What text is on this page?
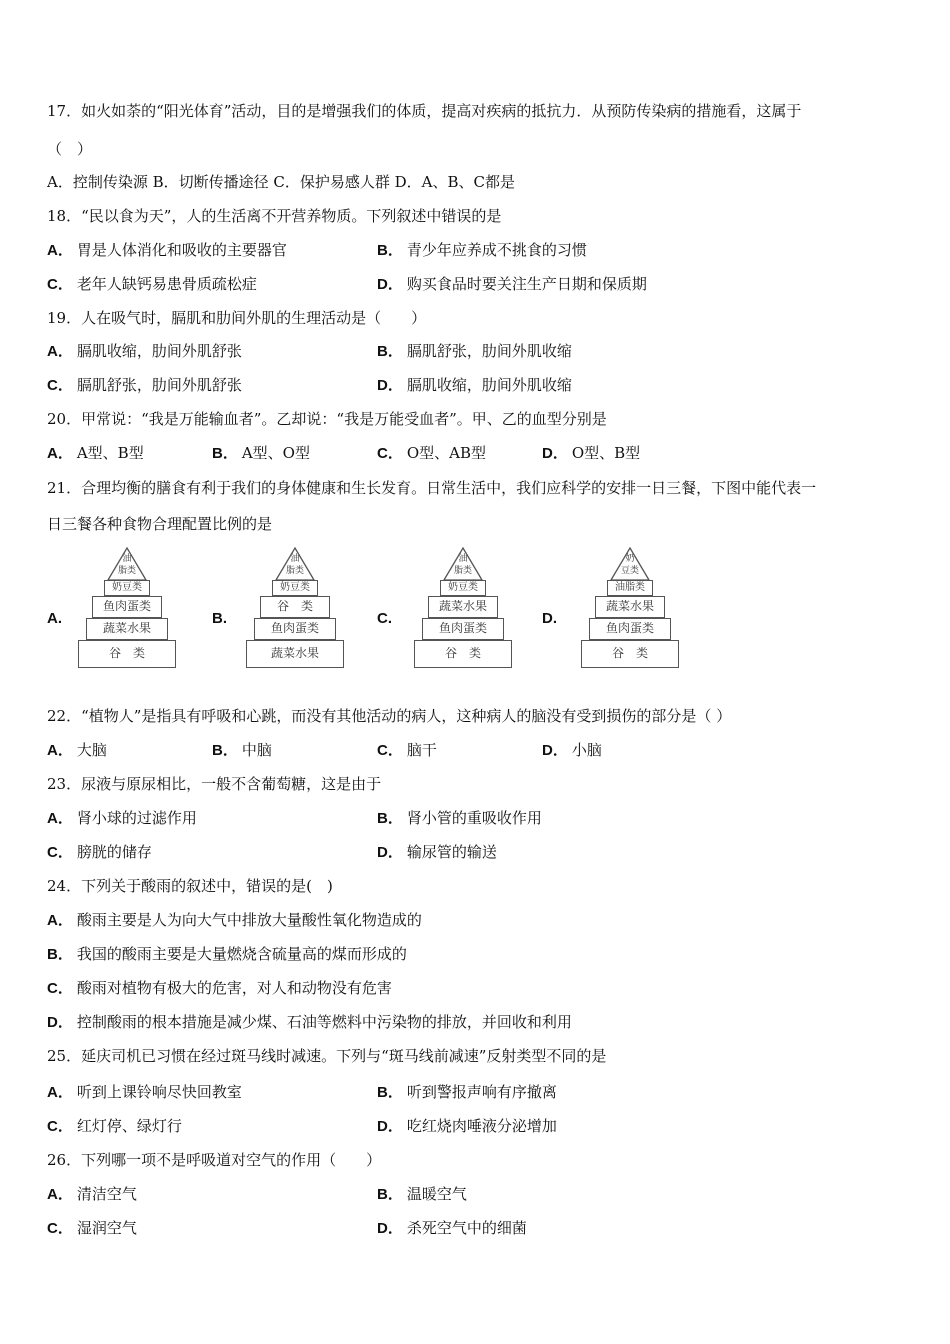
17．如火如荼的“阳光体育”活动，目的是增强我们的体质，提高对疾病的抵抗力．从预防传染病的措施看，这属于
（　）
A．控制传染源 B．切断传播途径 C．保护易感人群 D．A、B、C都是
18．“民以食为天”，人的生活离不开营养物质。下列叙述中错误的是
A． 胃是人体消化和吸收的主要器官	B． 青少年应养成不挑食的习惯
C． 老年人缺钙易患骨质疏松症	D． 购买食品时要关注生产日期和保质期
19．人在吸气时，膈肌和肋间外肌的生理活动是（　　）
A． 膈肌收缩，肋间外肌舒张	B． 膈肌舒张，肋间外肌收缩
C． 膈肌舒张，肋间外肌舒张	D． 膈肌收缩，肋间外肌收缩
20．甲常说：“我是万能输血者”。乙却说：“我是万能受血者”。甲、乙的血型分别是
A． A型、B型	B． A型、O型	C． O型、AB型	D． O型、B型
21．合理均衡的膳食有利于我们的身体健康和生长发育。日常生活中，我们应科学的安排一日三餐，下图中能代表一
日三餐各种食物合理配置比例的是
A.
谷　类
蔬菜水果
鱼肉蛋类
奶豆类
油
脂类
B.
蔬菜水果
鱼肉蛋类
谷　类
奶豆类
油
脂类
C.
谷　类
鱼肉蛋类
蔬菜水果
奶豆类
油
脂类
D.
谷　类
鱼肉蛋类
蔬菜水果
油脂类
奶
豆类
22．“植物人”是指具有呼吸和心跳，而没有其他活动的病人，这种病人的脑没有受到损伤的部分是（ ）
A． 大脑	B． 中脑	C． 脑干	D． 小脑
23．尿液与原尿相比，一般不含葡萄糖，这是由于
A． 肾小球的过滤作用	B． 肾小管的重吸收作用
C． 膀胱的储存	D． 输尿管的输送
24．下列关于酸雨的叙述中，错误的是(　)
A． 酸雨主要是人为向大气中排放大量酸性氧化物造成的
B． 我国的酸雨主要是大量燃烧含硫量高的煤而形成的
C． 酸雨对植物有极大的危害，对人和动物没有危害
D． 控制酸雨的根本措施是减少煤、石油等燃料中污染物的排放，并回收和利用
25．延庆司机已习惯在经过斑马线时减速。下列与“斑马线前减速”反射类型不同的是
A． 听到上课铃响尽快回教室	B． 听到警报声响有序撤离
C． 红灯停、绿灯行	D． 吃红烧肉唾液分泌增加
26．下列哪一项不是呼吸道对空气的作用（　　）
A． 清洁空气	B． 温暖空气
C． 湿润空气	D． 杀死空气中的细菌
